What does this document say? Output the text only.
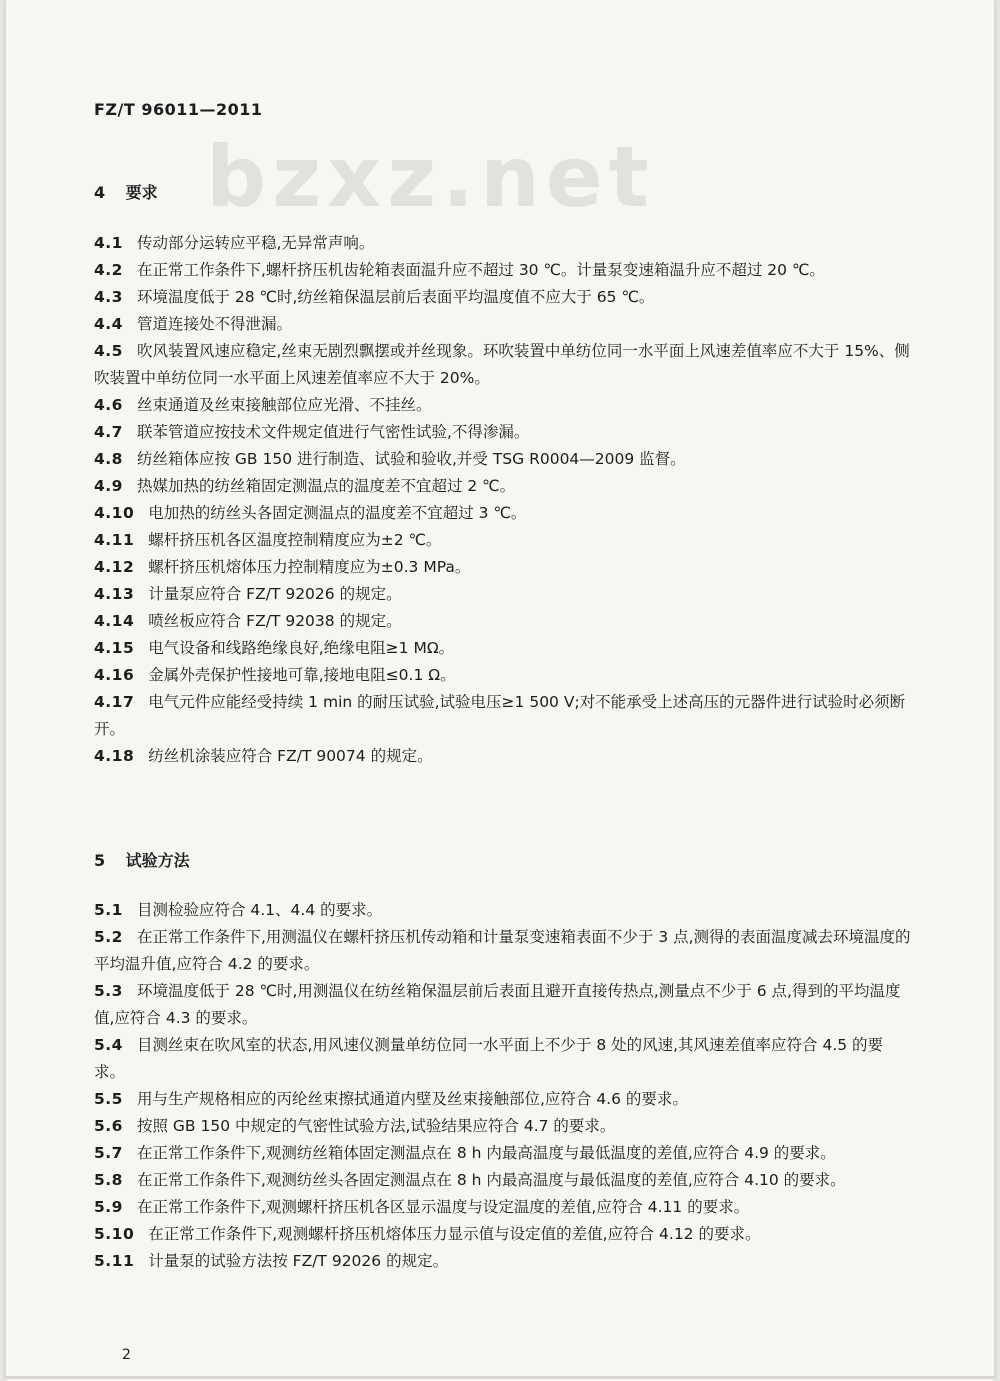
FZ/T 96011—2011
bzxz.net
4 要求

4.1 传动部分运转应平稳,无异常声响。

4.2 在正常工作条件下,螺杆挤压机齿轮箱表面温升应不超过 30 ℃。计量泵变速箱温升应不超过 20 ℃。

4.3 环境温度低于 28 ℃时,纺丝箱保温层前后表面平均温度值不应大于 65 ℃。

4.4 管道连接处不得泄漏。

4.5 吹风装置风速应稳定,丝束无剧烈飘摆或并丝现象。环吹装置中单纺位同一水平面上风速差值率应不大于 15%、侧吹装置中单纺位同一水平面上风速差值率应不大于 20%。

4.6 丝束通道及丝束接触部位应光滑、不挂丝。

4.7 联苯管道应按技术文件规定值进行气密性试验,不得渗漏。

4.8 纺丝箱体应按 GB 150 进行制造、试验和验收,并受 TSG R0004—2009 监督。

4.9 热媒加热的纺丝箱固定测温点的温度差不宜超过 2 ℃。

4.10 电加热的纺丝头各固定测温点的温度差不宜超过 3 ℃。

4.11 螺杆挤压机各区温度控制精度应为±2 ℃。

4.12 螺杆挤压机熔体压力控制精度应为±0.3 MPa。

4.13 计量泵应符合 FZ/T 92026 的规定。

4.14 喷丝板应符合 FZ/T 92038 的规定。

4.15 电气设备和线路绝缘良好,绝缘电阻≥1 MΩ。

4.16 金属外壳保护性接地可靠,接地电阻≤0.1 Ω。

4.17 电气元件应能经受持续 1 min 的耐压试验,试验电压≥1 500 V;对不能承受上述高压的元器件进行试验时必须断开。

4.18 纺丝机涂装应符合 FZ/T 90074 的规定。

5 试验方法

5.1 目测检验应符合 4.1、4.4 的要求。

5.2 在正常工作条件下,用测温仪在螺杆挤压机传动箱和计量泵变速箱表面不少于 3 点,测得的表面温度减去环境温度的平均温升值,应符合 4.2 的要求。

5.3 环境温度低于 28 ℃时,用测温仪在纺丝箱保温层前后表面且避开直接传热点,测量点不少于 6 点,得到的平均温度值,应符合 4.3 的要求。

5.4 目测丝束在吹风室的状态,用风速仪测量单纺位同一水平面上不少于 8 处的风速,其风速差值率应符合 4.5 的要求。

5.5 用与生产规格相应的丙纶丝束擦拭通道内壁及丝束接触部位,应符合 4.6 的要求。

5.6 按照 GB 150 中规定的气密性试验方法,试验结果应符合 4.7 的要求。

5.7 在正常工作条件下,观测纺丝箱体固定测温点在 8 h 内最高温度与最低温度的差值,应符合 4.9 的要求。

5.8 在正常工作条件下,观测纺丝头各固定测温点在 8 h 内最高温度与最低温度的差值,应符合 4.10 的要求。

5.9 在正常工作条件下,观测螺杆挤压机各区显示温度与设定温度的差值,应符合 4.11 的要求。

5.10 在正常工作条件下,观测螺杆挤压机熔体压力显示值与设定值的差值,应符合 4.12 的要求。

5.11 计量泵的试验方法按 FZ/T 92026 的规定。

2
